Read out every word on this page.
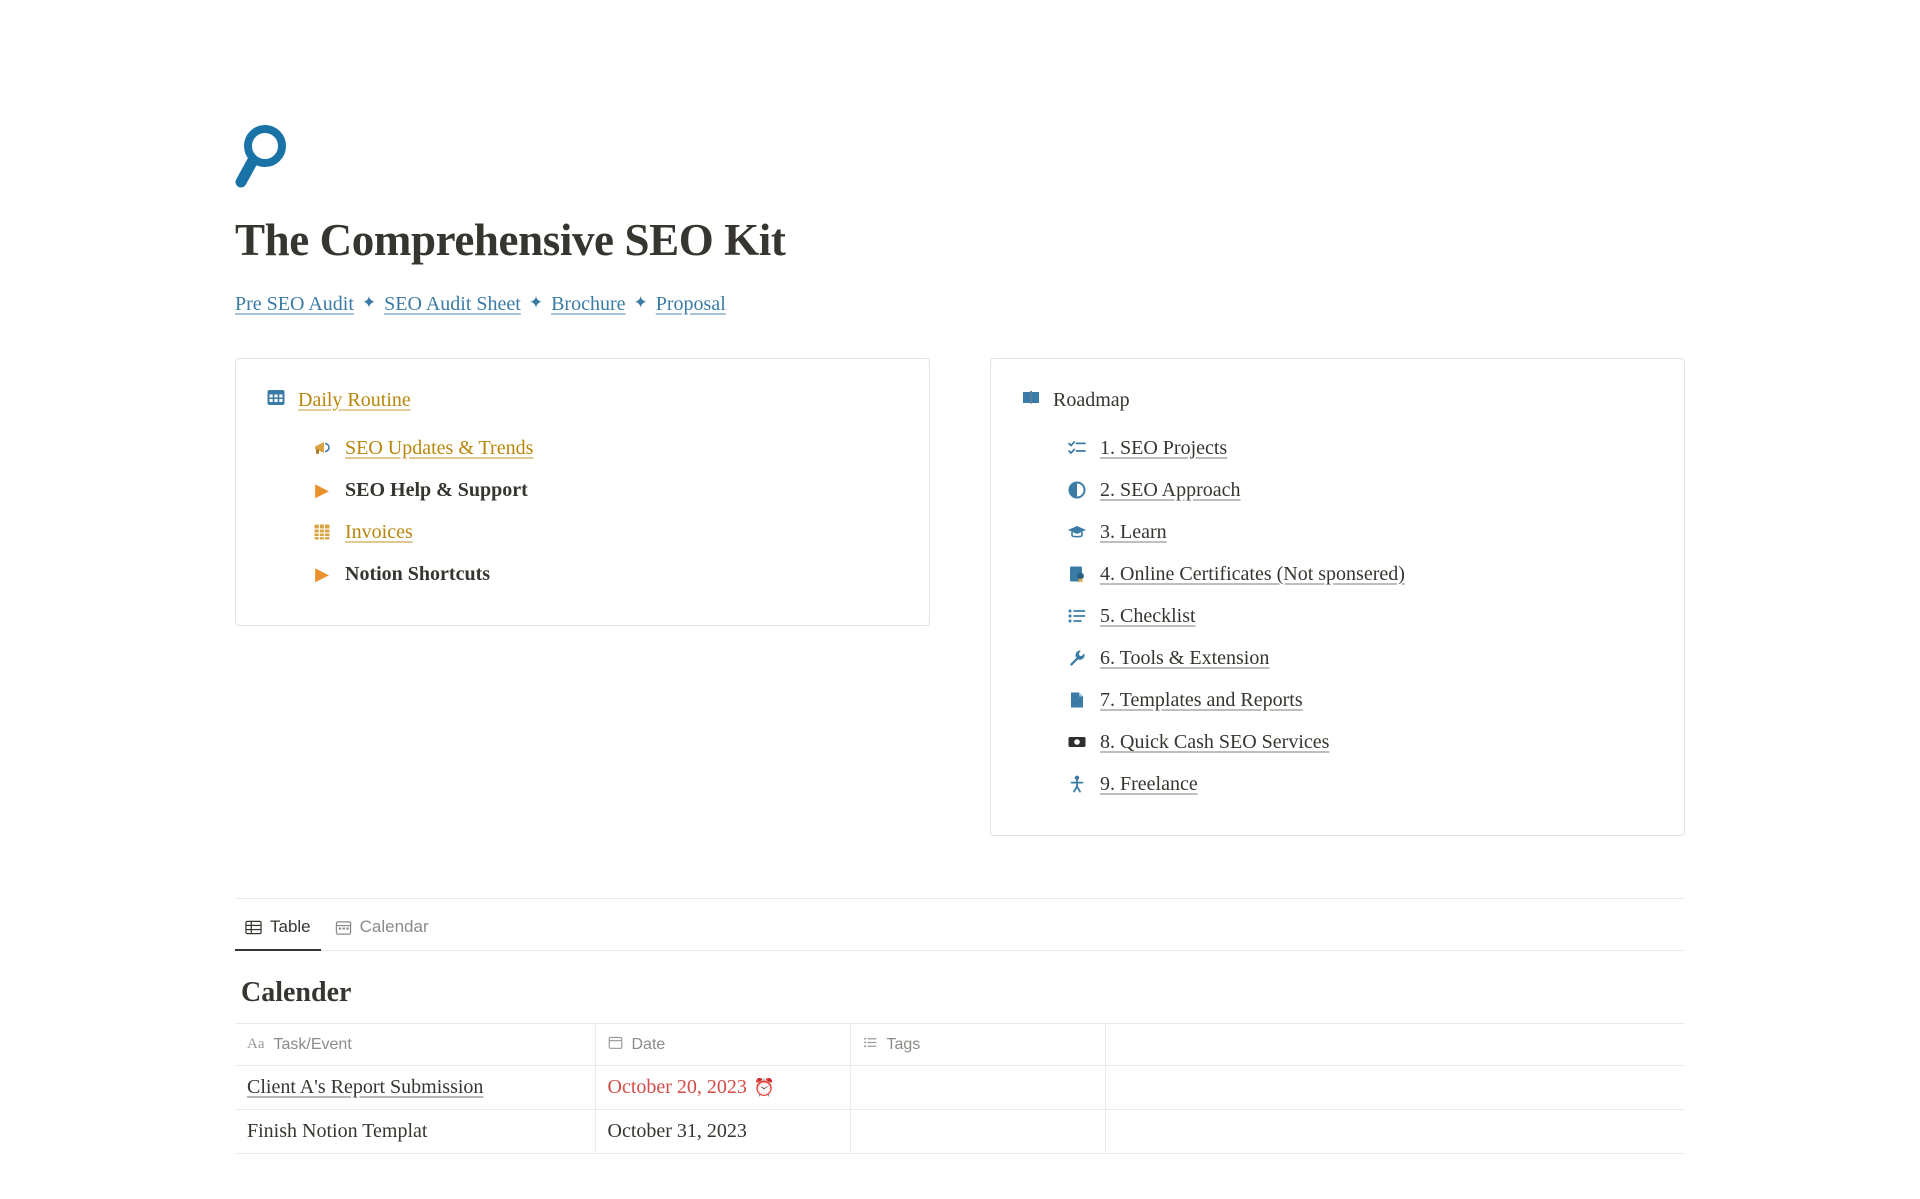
The Comprehensive SEO Kit
Pre SEO Audit ✦ SEO Audit Sheet ✦ Brochure ✦ Proposal
Daily Routine
SEO Updates & Trends
▶ SEO Help & Support
Invoices
▶ Notion Shortcuts
Roadmap
1. SEO Projects
2. SEO Approach
3. Learn
4. Online Certificates (Not sponsered)
5. Checklist
6. Tools & Extension
7. Templates and Reports
8. Quick Cash SEO Services
9. Freelance
Table	Calendar
Calender
Aa Task/Event	Date	Tags	

Client A's Report Submission	October 20, 2023 ⏰		
Finish Notion Templat	October 31, 2023		
